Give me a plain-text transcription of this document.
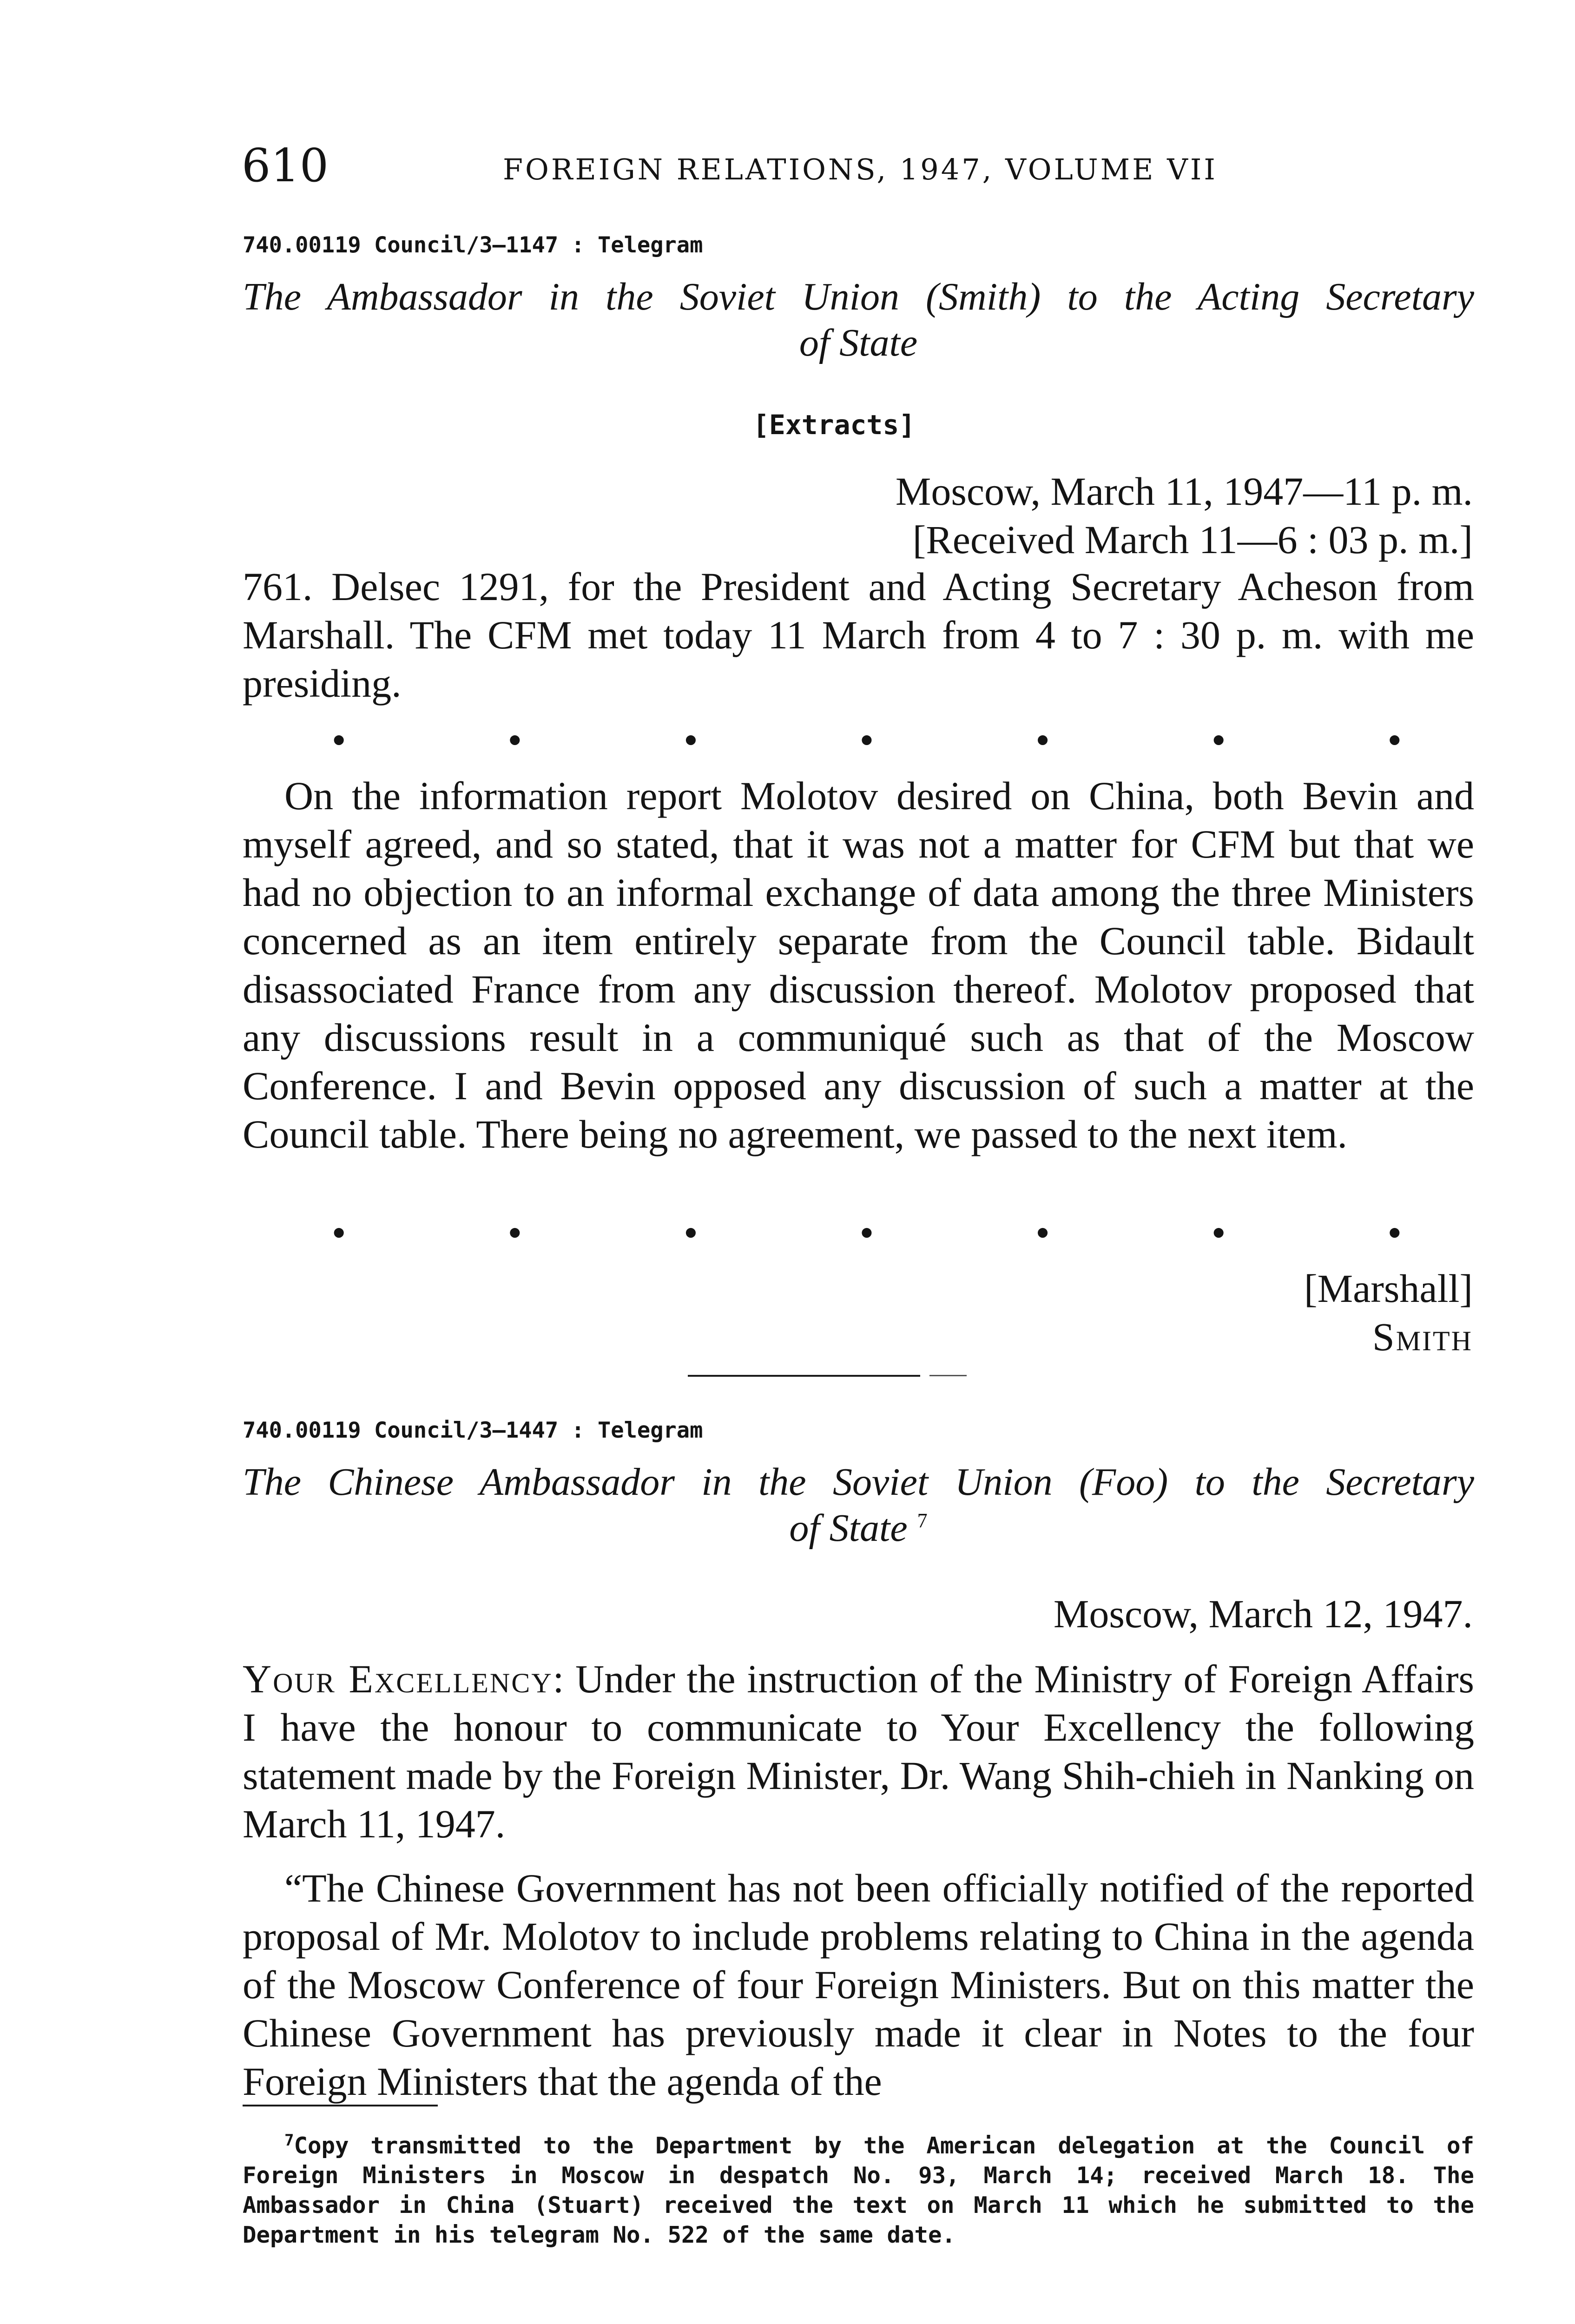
610	FOREIGN RELATIONS, 1947, VOLUME VII
740.00119 Council/3–1147 : Telegram
The Ambassador in the Soviet Union (Smith) to the Acting Secretary
of State
[Extracts]
Moscow, March 11, 1947—11 p. m.
[Received March 11—6 : 03 p. m.]
761. Delsec 1291, for the President and Acting Secretary Acheson from Marshall. The CFM met today 11 March from 4 to 7 : 30 p. m. with me presiding.
•	•	•	•	•	•	•
On the information report Molotov desired on China, both Bevin and myself agreed, and so stated, that it was not a matter for CFM but that we had no objection to an informal exchange of data among the three Ministers concerned as an item entirely separate from the Council table. Bidault disassociated France from any discussion thereof. Molotov proposed that any discussions result in a communiqué such as that of the Moscow Conference. I and Bevin opposed any discussion of such a matter at the Council table. There being no agreement, we passed to the next item.
•	•	•	•	•	•	•
[Marshall]
Smith
740.00119 Council/3–1447 : Telegram
The Chinese Ambassador in the Soviet Union (Foo) to the Secretary
of State $^7$
Moscow, March 12, 1947.
Your Excellency: Under the instruction of the Ministry of Foreign Affairs I have the honour to communicate to Your Excellency the following statement made by the Foreign Minister, Dr. Wang Shih-chieh in Nanking on March 11, 1947.
“The Chinese Government has not been officially notified of the reported proposal of Mr. Molotov to include problems relating to China in the agenda of the Moscow Conference of four Foreign Ministers. But on this matter the Chinese Government has previously made it clear in Notes to the four Foreign Ministers that the agenda of the
$^7$Copy transmitted to the Department by the American delegation at the Council of Foreign Ministers in Moscow in despatch No. 93, March 14; received March 18. The Ambassador in China (Stuart) received the text on March 11 which he submitted to the Department in his telegram No. 522 of the same date.
